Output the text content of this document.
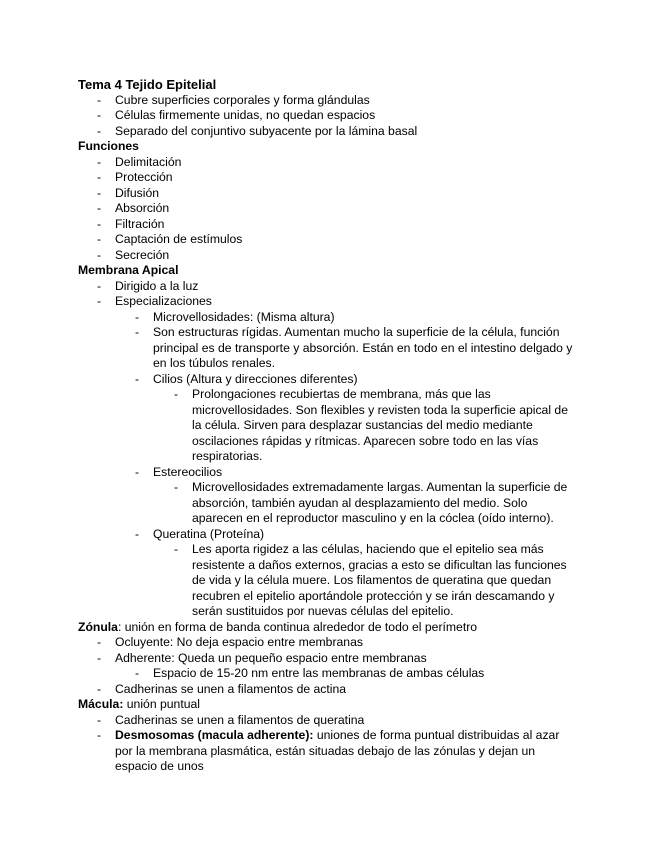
Tema 4 Tejido Epitelial
- Cubre superficies corporales y forma glándulas
- Células firmemente unidas, no quedan espacios
- Separado del conjuntivo subyacente por la lámina basal
Funciones
- Delimitación
- Protección
- Difusión
- Absorción
- Filtración
- Captación de estímulos
- Secreción
Membrana Apical
- Dirigido a la luz
- Especializaciones
- Microvellosidades: (Misma altura)
- Son estructuras rígidas. Aumentan mucho la superficie de la célula, función principal es de transporte y absorción. Están en todo en el intestino delgado y en los túbulos renales.
- Cilios (Altura y direcciones diferentes)
- Prolongaciones recubiertas de membrana, más que las microvellosidades. Son flexibles y revisten toda la superficie apical de la célula. Sirven para desplazar sustancias del medio mediante oscilaciones rápidas y rítmicas. Aparecen sobre todo en las vías respiratorias.
- Estereocilios
- Microvellosidades extremadamente largas. Aumentan la superficie de absorción, también ayudan al desplazamiento del medio. Solo aparecen en el reproductor masculino y en la cóclea (oído interno).
- Queratina (Proteína)
- Les aporta rigidez a las células, haciendo que el epitelio sea más resistente a daños externos, gracias a esto se dificultan las funciones de vida y la célula muere. Los filamentos de queratina que quedan recubren el epitelio aportándole protección y se irán descamando y serán sustituidos por nuevas células del epitelio.
Zónula: unión en forma de banda continua alrededor de todo el perímetro
- Ocluyente: No deja espacio entre membranas
- Adherente: Queda un pequeño espacio entre membranas
- Espacio de 15-20 nm entre las membranas de ambas células
- Cadherinas se unen a filamentos de actina
Mácula: unión puntual
- Cadherinas se unen a filamentos de queratina
- Desmosomas (macula adherente): uniones de forma puntual distribuidas al azar por la membrana plasmática, están situadas debajo de las zónulas y dejan un espacio de unos
